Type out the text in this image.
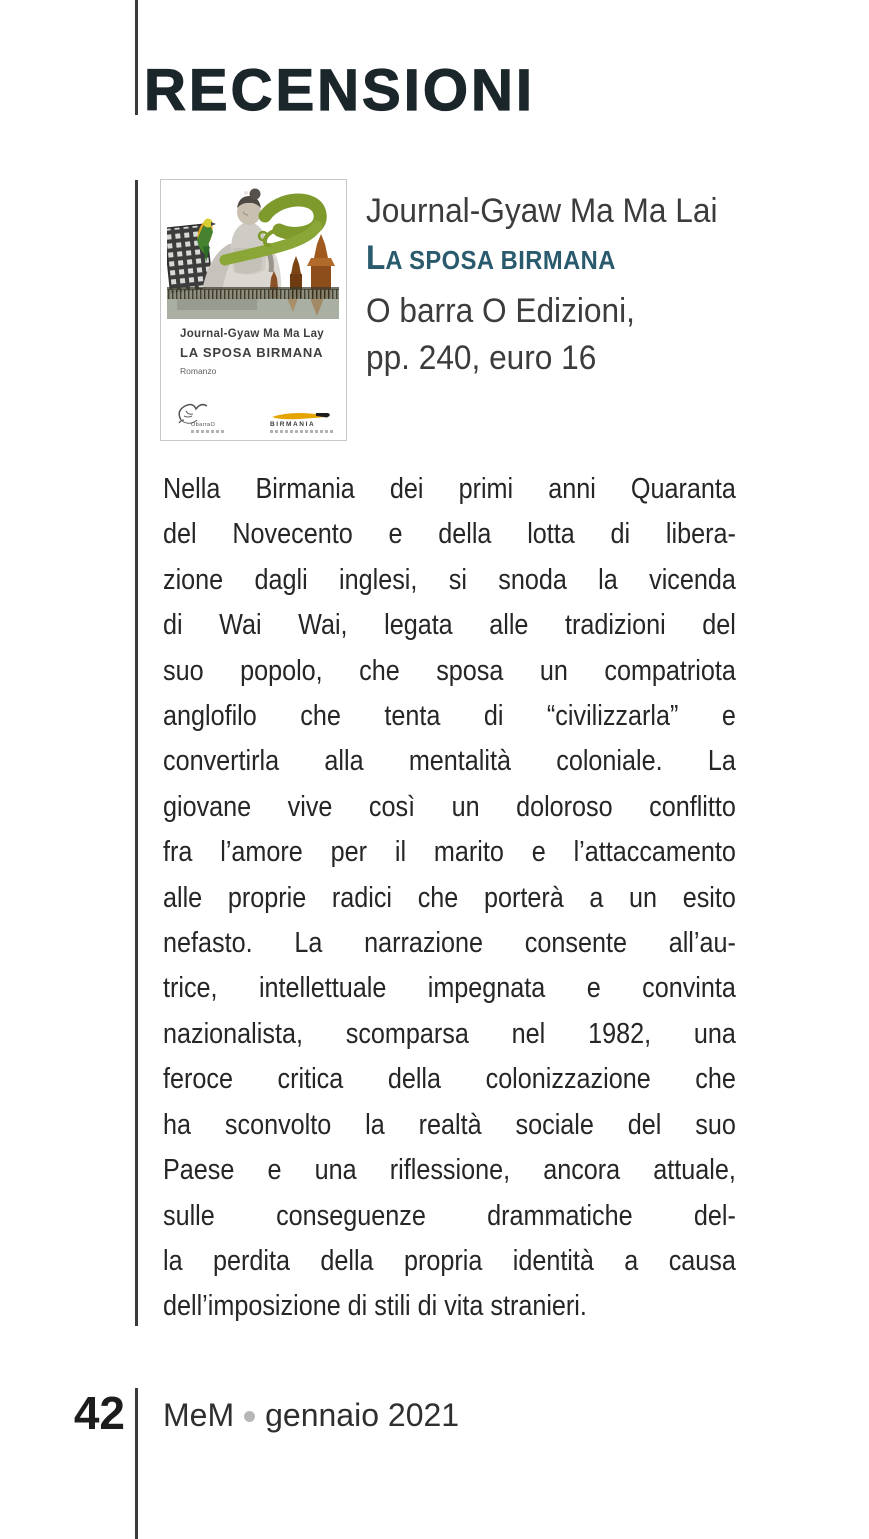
RECENSIONI
Journal-Gyaw Ma Ma Lay
LA SPOSA BIRMANA
Romanzo
ObarraO	BIRMANIA
Journal-Gyaw Ma Ma Lai
LA SPOSA BIRMANA
O barra O Edizioni,
pp. 240, euro 16
Nella Birmania dei primi anni Quaranta
del Novecento e della lotta di libera-
zione dagli inglesi, si snoda la vicenda
di Wai Wai, legata alle tradizioni del
suo popolo, che sposa un compatriota
anglofilo che tenta di “civilizzarla” e
convertirla alla mentalità coloniale. La
giovane vive così un doloroso conflitto
fra l’amore per il marito e l’attaccamento
alle proprie radici che porterà a un esito
nefasto. La narrazione consente all’au-
trice, intellettuale impegnata e convinta
nazionalista, scomparsa nel 1982, una
feroce critica della colonizzazione che
ha sconvolto la realtà sociale del suo
Paese e una riflessione, ancora attuale,
sulle conseguenze drammatiche del-
la perdita della propria identità a causa
dell’imposizione di stili di vita stranieri.
42 MeM gennaio 2021
